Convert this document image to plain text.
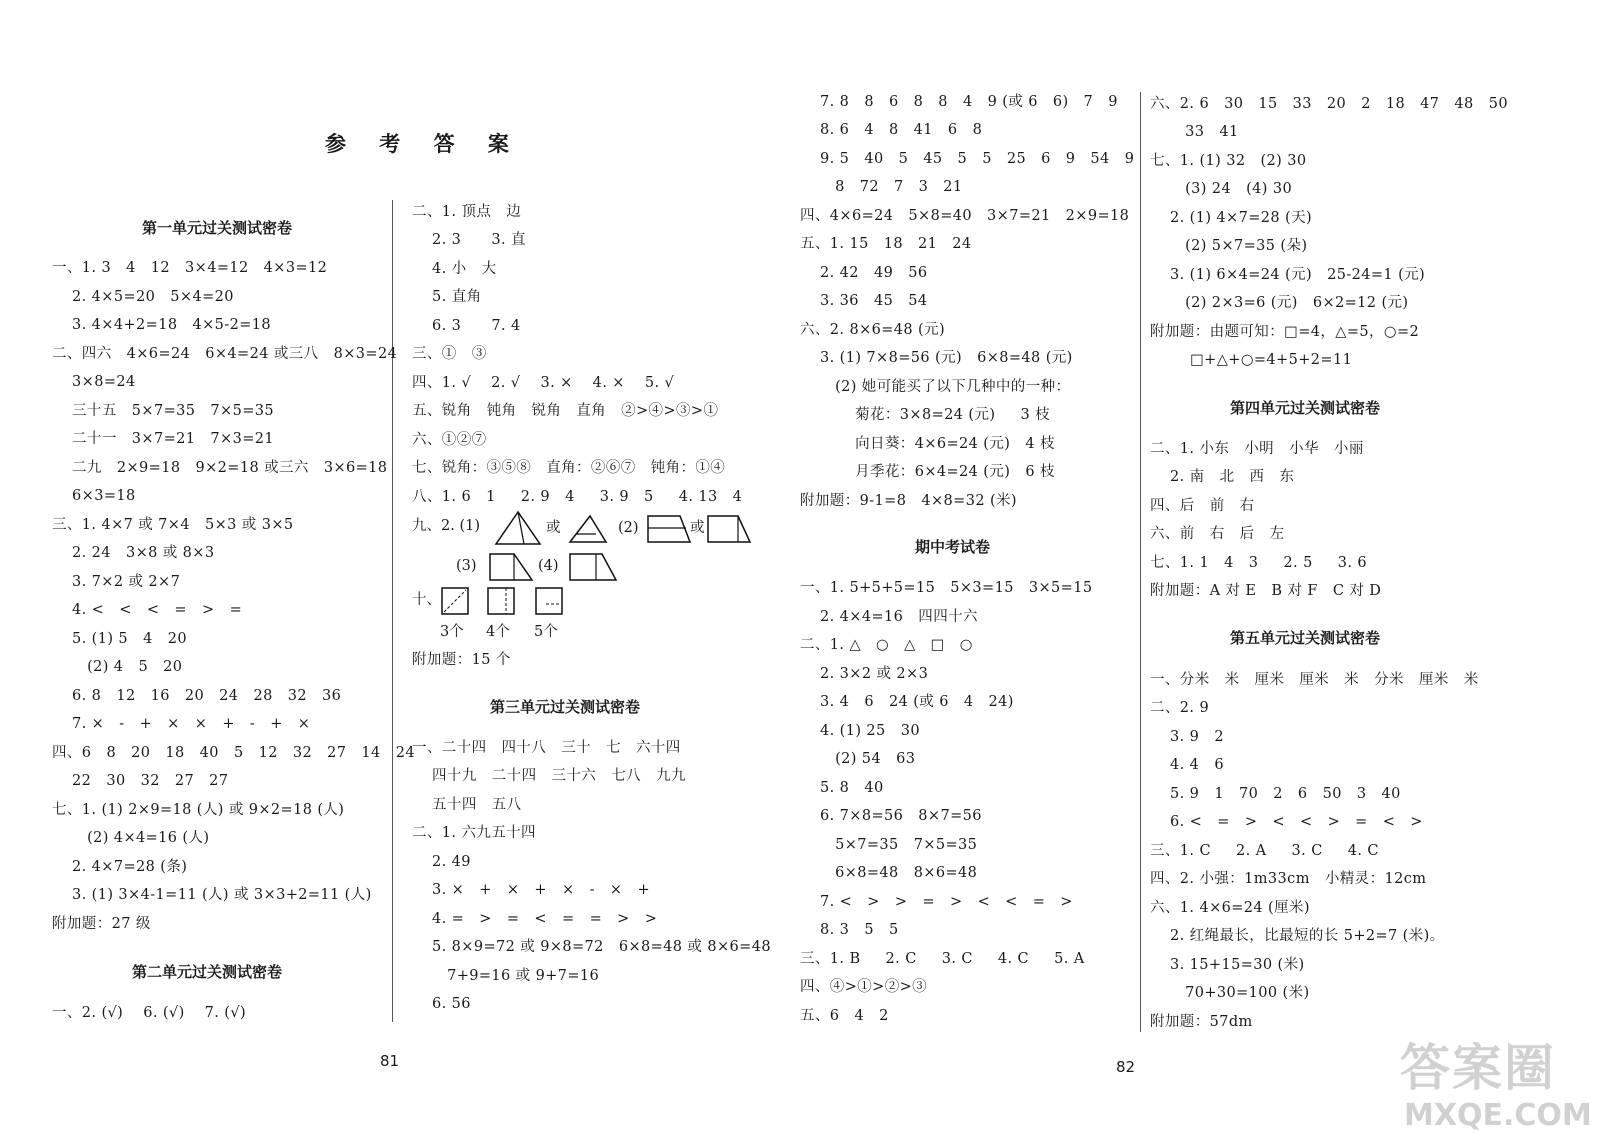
参 考 答 案
81	82
第一单元过关测试密卷
一、1. 3   4   12   3×4=12   4×3=12
2. 4×5=20   5×4=20
3. 4×4+2=18   4×5-2=18
二、四六   4×6=24   6×4=24 或三八   8×3=24
3×8=24
三十五   5×7=35   7×5=35
二十一   3×7=21   7×3=21
二九   2×9=18   9×2=18 或三六   3×6=18
6×3=18
三、1. 4×7 或 7×4   5×3 或 3×5
2. 24   3×8 或 8×3
3. 7×2 或 2×7
4. <   <   <   =   >   =
5. (1) 5   4   20
(2) 4   5   20
6. 8   12   16   20   24   28   32   36
7. ×   -   +   ×   ×   +   -   +   ×
四、6   8   20   18   40   5   12   32   27   14   24
22   30   32   27   27
七、1. (1) 2×9=18 (人) 或 9×2=18 (人)
(2) 4×4=16 (人)
2. 4×7=28 (条)
3. (1) 3×4-1=11 (人) 或 3×3+2=11 (人)
附加题：27 级
第二单元过关测试密卷
一、2. (√)    6. (√)    7. (√)
二、1. 顶点   边
2. 3      3. 直
4. 小   大
5. 直角
6. 3      7. 4
三、①   ③
四、1. √    2. √    3. ×    4. ×    5. √
五、锐角   钝角   锐角   直角   ②>④>③>①
六、①②⑦
七、锐角：③⑤⑧   直角：②⑥⑦   钝角：①④
八、1. 6   1     2. 9   4     3. 9   5     4. 13   4
九、2. (1)	或	(2)	或
(3)	(4)
十、
3个 4个 5个
附加题：15 个
第三单元过关测试密卷
一、二十四   四十八   三十   七   六十四
四十九   二十四   三十六   七八   九九
五十四   五八
二、1. 六九五十四
2. 49
3. ×   +   ×   +   ×   -   ×   +
4. =   >   =   <   =   =   >   >
5. 8×9=72 或 9×8=72   6×8=48 或 8×6=48
7+9=16 或 9+7=16
6. 56
7. 8   8   6   8   8   4   9 (或 6   6)   7   9
8. 6   4   8   41   6   8
9. 5   40   5   45   5   5   25   6   9   54   9
8   72   7   3   21
四、4×6=24   5×8=40   3×7=21   2×9=18
五、1. 15   18   21   24
2. 42   49   56
3. 36   45   54
六、2. 8×6=48 (元)
3. (1) 7×8=56 (元)   6×8=48 (元)
(2) 她可能买了以下几种中的一种：
菊花：3×8=24 (元)     3 枝
向日葵：4×6=24 (元)   4 枝
月季花：6×4=24 (元)   6 枝
附加题：9-1=8   4×8=32 (米)
期中考试卷
一、1. 5+5+5=15   5×3=15   3×5=15
2. 4×4=16   四四十六
二、1. △   ○   △   □   ○
2. 3×2 或 2×3
3. 4   6   24 (或 6   4   24)
4. (1) 25   30
(2) 54   63
5. 8   40
6. 7×8=56   8×7=56
5×7=35   7×5=35
6×8=48   8×6=48
7. <   >   >   =   >   <   <   =   >
8. 3   5   5
三、1. B     2. C     3. C     4. C     5. A
四、④>①>②>③
五、6   4   2
六、2. 6   30   15   33   20   2   18   47   48   50
33   41
七、1. (1) 32   (2) 30
(3) 24   (4) 30
2. (1) 4×7=28 (天)
(2) 5×7=35 (朵)
3. (1) 6×4=24 (元)   25-24=1 (元)
(2) 2×3=6 (元)   6×2=12 (元)
附加题：由题可知：□=4，△=5，○=2
□+△+○=4+5+2=11
第四单元过关测试密卷
二、1. 小东   小明   小华   小丽
2. 南   北   西   东
四、后   前   右
六、前   右   后   左
七、1. 1   4   3     2. 5     3. 6
附加题：A 对 E   B 对 F   C 对 D
第五单元过关测试密卷
一、分米   米   厘米   厘米   米   分米   厘米   米
二、2. 9
3. 9   2
4. 4   6
5. 9   1   70   2   6   50   3   40
6. <   =   >   <   <   >   =   <   >
三、1. C     2. A     3. C     4. C
四、2. 小强：1m33cm   小精灵：12cm
六、1. 4×6=24 (厘米)
2. 红绳最长，比最短的长 5+2=7 (米)。
3. 15+15=30 (米)
70+30=100 (米)
附加题：57dm
答案圈
MXQE.COM
